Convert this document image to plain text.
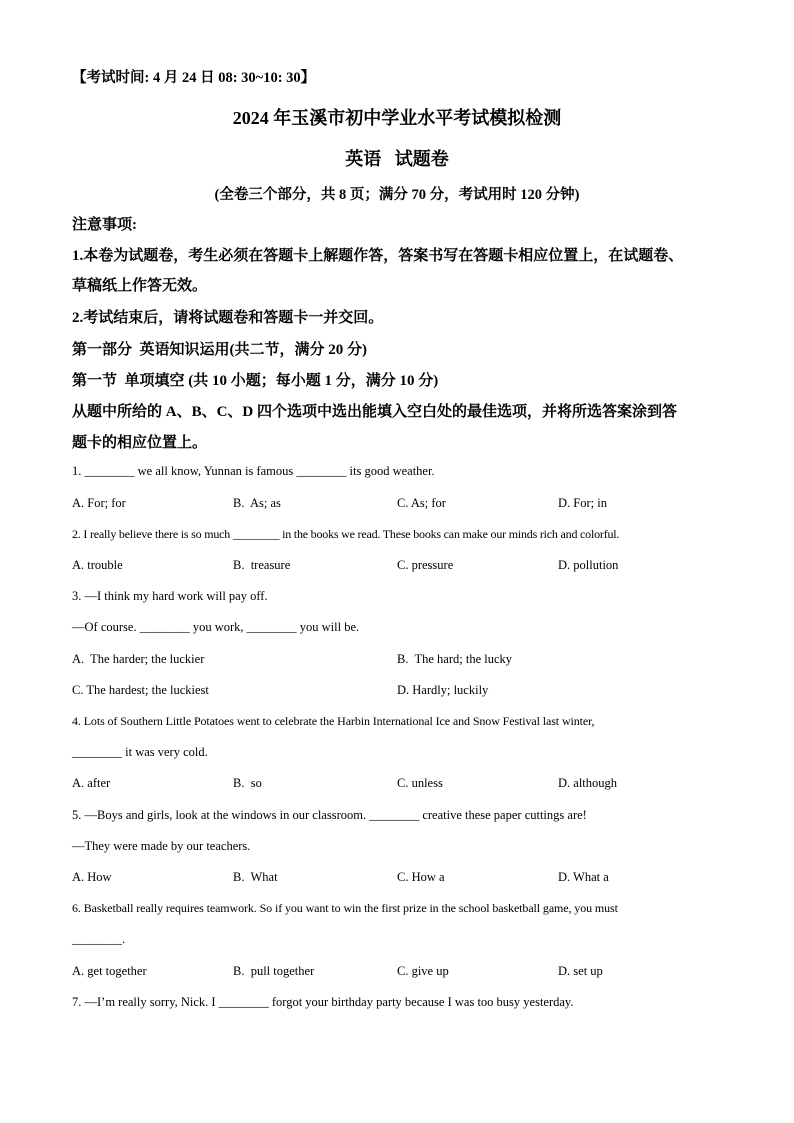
【考试时间: 4 月 24 日 08: 30~10: 30】
2024 年玉溪市初中学业水平考试模拟检测
英语   试题卷
(全卷三个部分，共 8 页；满分 70 分，考试用时 120 分钟)
注意事项:
1.本卷为试题卷，考生必须在答题卡上解题作答，答案书写在答题卡相应位置上，在试题卷、
草稿纸上作答无效。
2.考试结束后，请将试题卷和答题卡一并交回。
第一部分  英语知识运用(共二节，满分 20 分)
第一节  单项填空 (共 10 小题；每小题 1 分，满分 10 分)
从题中所给的 A、B、C、D 四个选项中选出能填入空白处的最佳选项，并将所选答案涂到答
题卡的相应位置上。
1. ________ we all know, Yunnan is famous ________ its good weather.
A. For; for	B.  As; as	C. As; for	D. For; in
2. I really believe there is so much ________ in the books we read. These books can make our minds rich and colorful.
A. trouble	B.  treasure	C. pressure	D. pollution
3. —I think my hard work will pay off.
—Of course. ________ you work, ________ you will be.
A.  The harder; the luckier	B.  The hard; the lucky
C. The hardest; the luckiest	D. Hardly; luckily
4. Lots of Southern Little Potatoes went to celebrate the Harbin International Ice and Snow Festival last winter,
________ it was very cold.
A. after	B.  so	C. unless	D. although
5. —Boys and girls, look at the windows in our classroom. ________ creative these paper cuttings are!
—They were made by our teachers.
A. How	B.  What	C. How a	D. What a
6. Basketball really requires teamwork. So if you want to win the first prize in the school basketball game, you must
________.
A. get together	B.  pull together	C. give up	D. set up
7. —I’m really sorry, Nick. I ________ forgot your birthday party because I was too busy yesterday.
